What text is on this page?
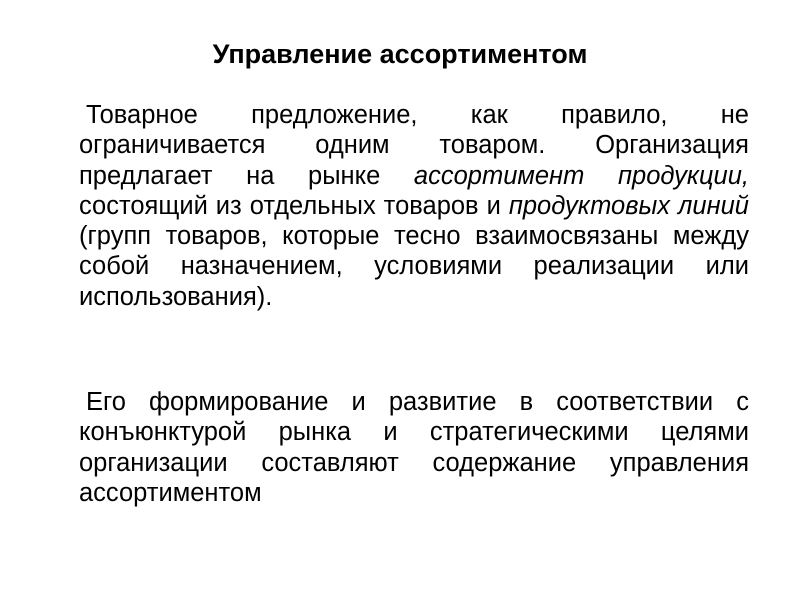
Управление ассортиментом

Товарное предложение, как правило, не ограничивается одним товаром. Организация предлагает на рынке ассортимент продукции, состоящий из отдельных товаров и продуктовых линий (групп товаров, которые тесно взаимосвязаны между собой назначением, условиями реализации или использования).

Его формирование и развитие в соответствии с конъюнктурой рынка и стратегическими целями организации составляют содержание управления ассортиментом
